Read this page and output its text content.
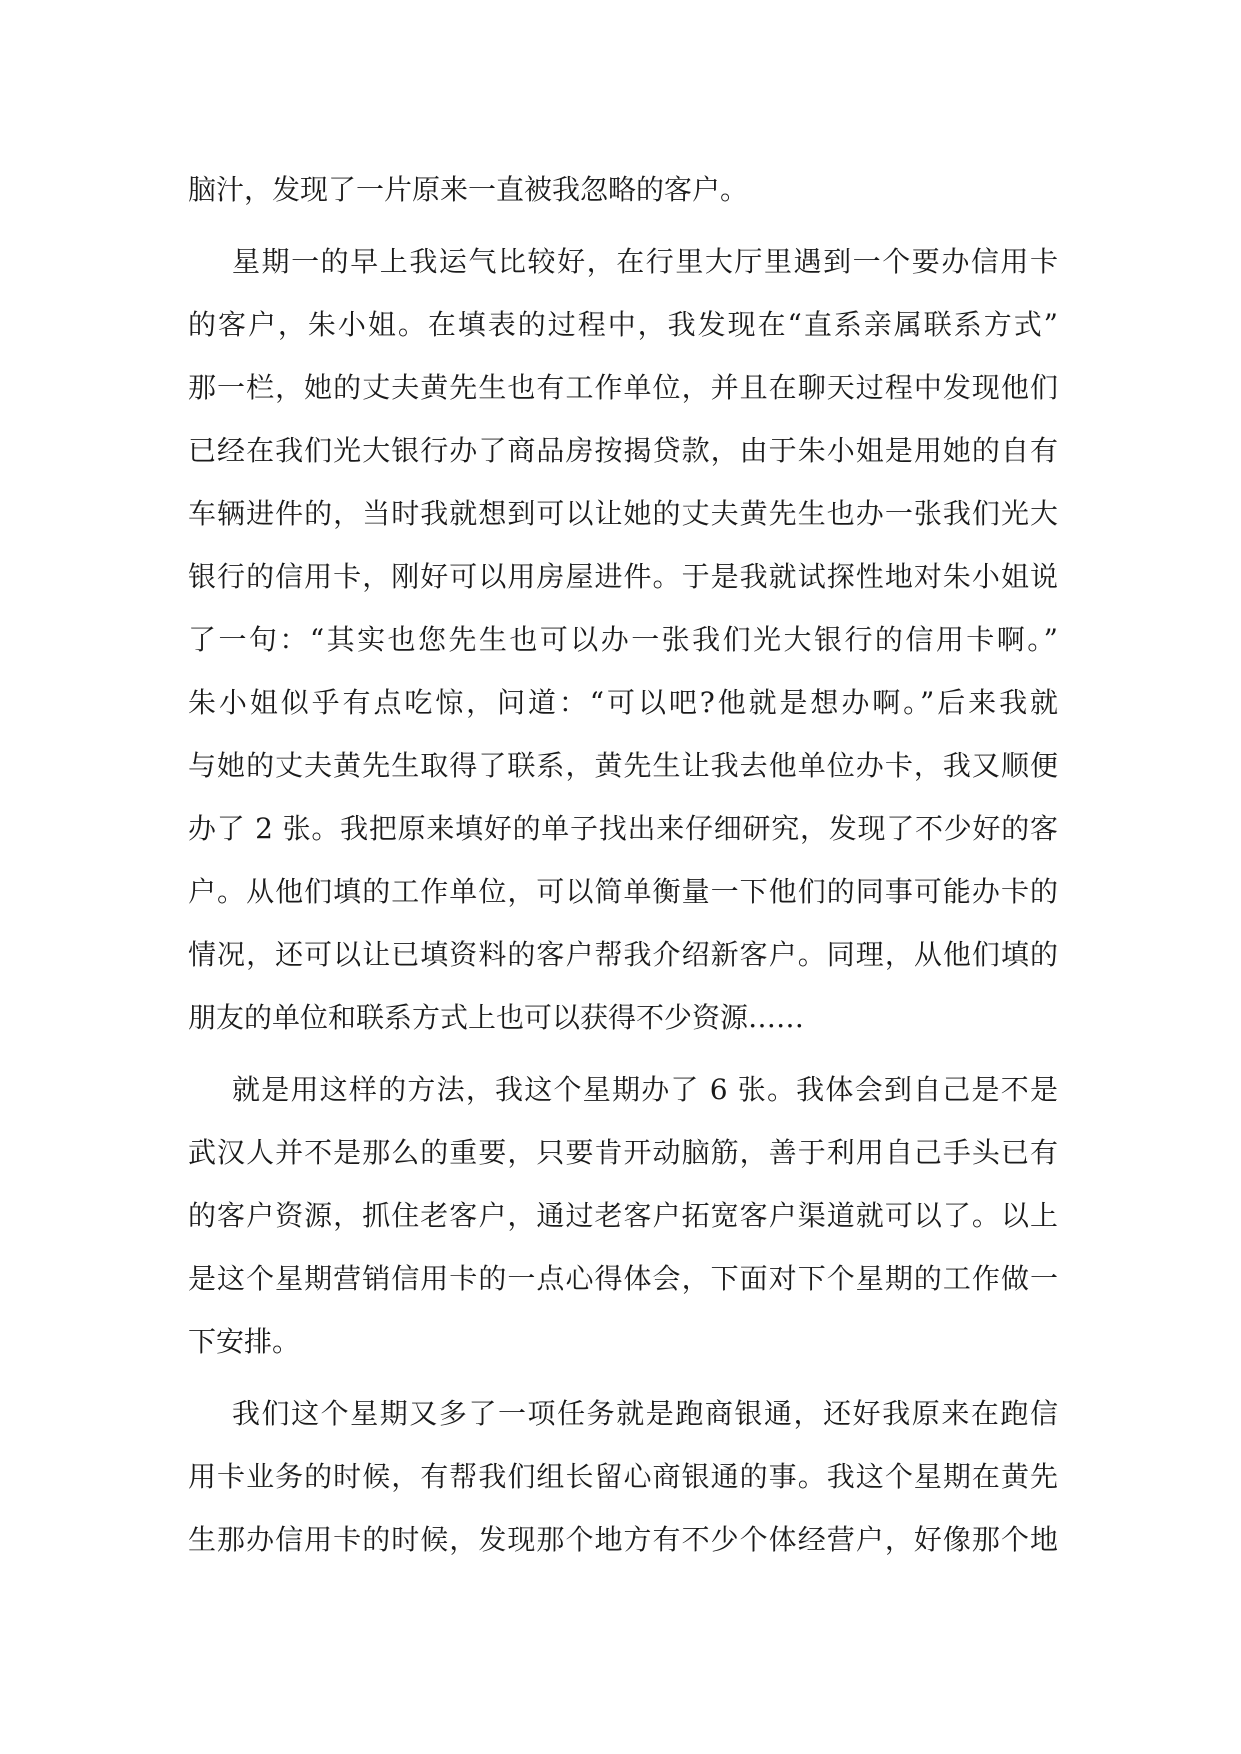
脑汁，发现了一片原来一直被我忽略的客户。
星期一的早上我运气比较好，在行里大厅里遇到一个要办信用卡
的客户，朱小姐。在填表的过程中，我发现在“直系亲属联系方式”
那一栏，她的丈夫黄先生也有工作单位，并且在聊天过程中发现他们
已经在我们光大银行办了商品房按揭贷款，由于朱小姐是用她的自有
车辆进件的，当时我就想到可以让她的丈夫黄先生也办一张我们光大
银行的信用卡，刚好可以用房屋进件。于是我就试探性地对朱小姐说
了一句：“其实也您先生也可以办一张我们光大银行的信用卡啊。”
朱小姐似乎有点吃惊，问道：“可以吧?他就是想办啊。”后来我就
与她的丈夫黄先生取得了联系，黄先生让我去他单位办卡，我又顺便
办了 2 张。我把原来填好的单子找出来仔细研究，发现了不少好的客
户。从他们填的工作单位，可以简单衡量一下他们的同事可能办卡的
情况，还可以让已填资料的客户帮我介绍新客户。同理，从他们填的
朋友的单位和联系方式上也可以获得不少资源……
就是用这样的方法，我这个星期办了 6 张。我体会到自己是不是
武汉人并不是那么的重要，只要肯开动脑筋，善于利用自己手头已有
的客户资源，抓住老客户，通过老客户拓宽客户渠道就可以了。以上
是这个星期营销信用卡的一点心得体会，下面对下个星期的工作做一
下安排。
我们这个星期又多了一项任务就是跑商银通，还好我原来在跑信
用卡业务的时候，有帮我们组长留心商银通的事。我这个星期在黄先
生那办信用卡的时候，发现那个地方有不少个体经营户，好像那个地
